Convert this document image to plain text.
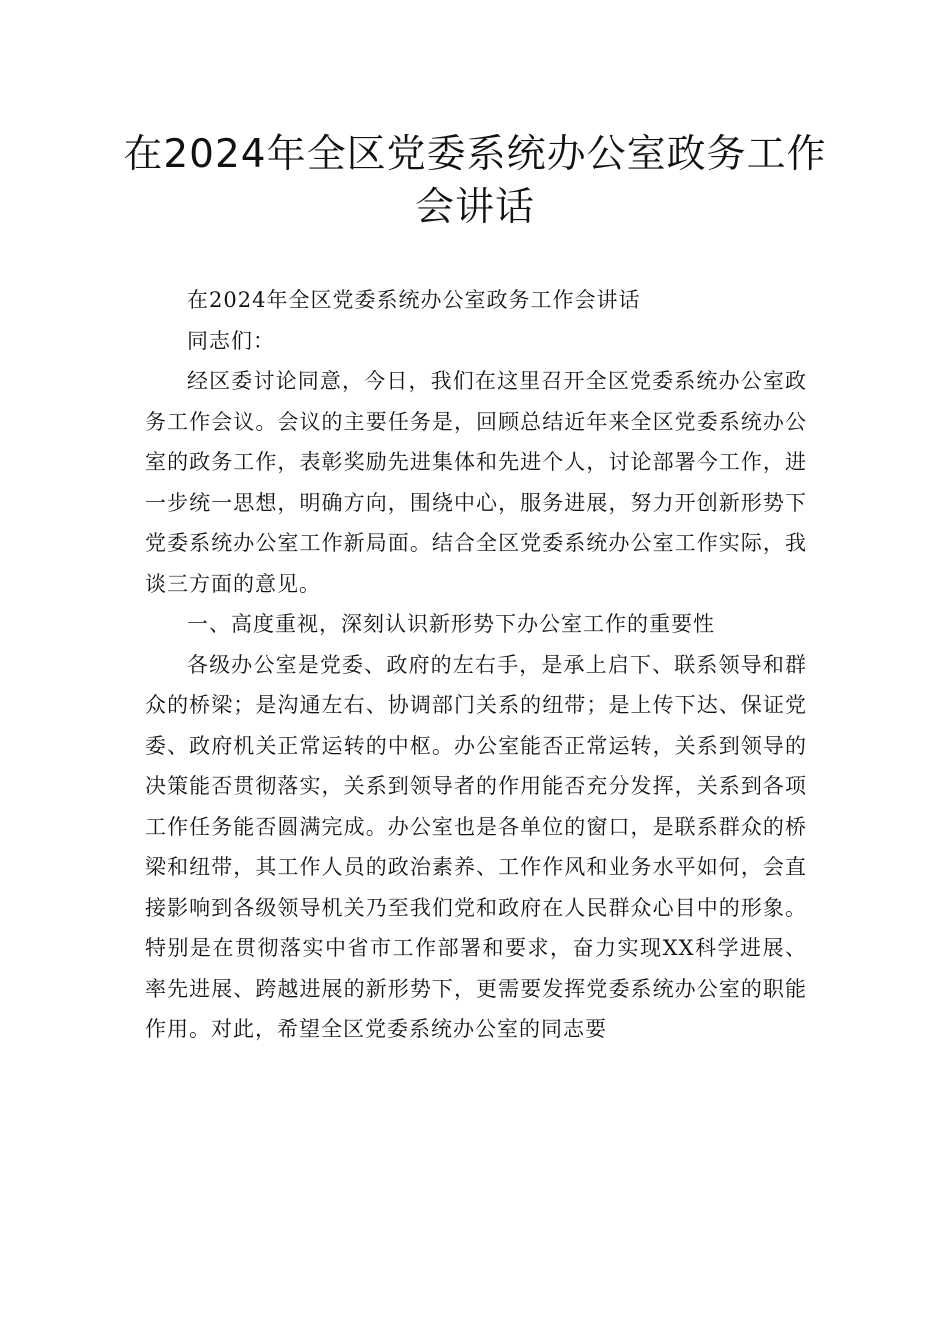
在2024年全区党委系统办公室政务工作会讲话

在2024年全区党委系统办公室政务工作会讲话

同志们：

经区委讨论同意，今日，我们在这里召开全区党委系统办公室政务工作会议。会议的主要任务是，回顾总结近年来全区党委系统办公室的政务工作，表彰奖励先进集体和先进个人，讨论部署今工作，进一步统一思想，明确方向，围绕中心，服务进展，努力开创新形势下党委系统办公室工作新局面。结合全区党委系统办公室工作实际，我谈三方面的意见。

一、高度重视，深刻认识新形势下办公室工作的重要性

各级办公室是党委、政府的左右手，是承上启下、联系领导和群众的桥梁；是沟通左右、协调部门关系的纽带；是上传下达、保证党委、政府机关正常运转的中枢。办公室能否正常运转，关系到领导的决策能否贯彻落实，关系到领导者的作用能否充分发挥，关系到各项工作任务能否圆满完成。办公室也是各单位的窗口，是联系群众的桥梁和纽带，其工作人员的政治素养、工作作风和业务水平如何，会直接影响到各级领导机关乃至我们党和政府在人民群众心目中的形象。特别是在贯彻落实中省市工作部署和要求，奋力实现XX科学进展、率先进展、跨越进展的新形势下，更需要发挥党委系统办公室的职能作用。对此，希望全区党委系统办公室的同志要
